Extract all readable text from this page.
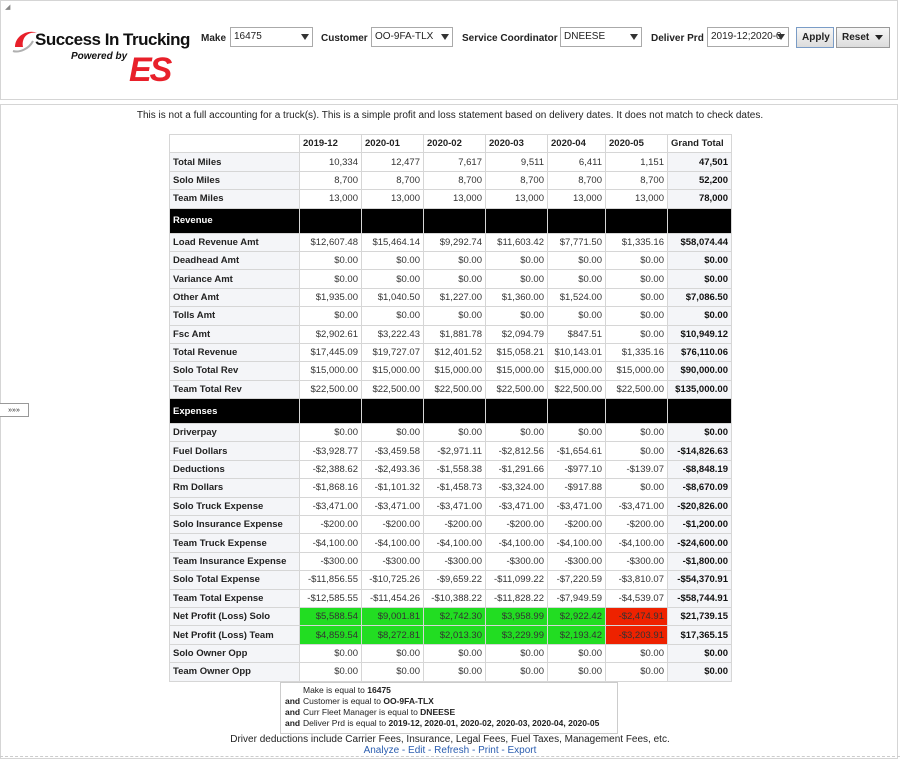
◢
Success In Trucking
Powered by ES
Make 16475	Customer OO-9FA-TLX	Service Coordinator DNEESE	Deliver Prd 2019-12;2020-0	Apply	Reset
This is not a full accounting for a truck(s). This is a simple profit and loss statement based on delivery dates. It does not match to check dates.
»»»
	2019-12	2020-01	2020-02	2020-03	2020-04	2020-05	Grand Total
Total Miles	10,334	12,477	7,617	9,511	6,411	1,151	47,501
Solo Miles	8,700	8,700	8,700	8,700	8,700	8,700	52,200
Team Miles	13,000	13,000	13,000	13,000	13,000	13,000	78,000
Revenue							
Load Revenue Amt	$12,607.48	$15,464.14	$9,292.74	$11,603.42	$7,771.50	$1,335.16	$58,074.44
Deadhead Amt	$0.00	$0.00	$0.00	$0.00	$0.00	$0.00	$0.00
Variance Amt	$0.00	$0.00	$0.00	$0.00	$0.00	$0.00	$0.00
Other Amt	$1,935.00	$1,040.50	$1,227.00	$1,360.00	$1,524.00	$0.00	$7,086.50
Tolls Amt	$0.00	$0.00	$0.00	$0.00	$0.00	$0.00	$0.00
Fsc Amt	$2,902.61	$3,222.43	$1,881.78	$2,094.79	$847.51	$0.00	$10,949.12
Total Revenue	$17,445.09	$19,727.07	$12,401.52	$15,058.21	$10,143.01	$1,335.16	$76,110.06
Solo Total Rev	$15,000.00	$15,000.00	$15,000.00	$15,000.00	$15,000.00	$15,000.00	$90,000.00
Team Total Rev	$22,500.00	$22,500.00	$22,500.00	$22,500.00	$22,500.00	$22,500.00	$135,000.00
Expenses							
Driverpay	$0.00	$0.00	$0.00	$0.00	$0.00	$0.00	$0.00
Fuel Dollars	-$3,928.77	-$3,459.58	-$2,971.11	-$2,812.56	-$1,654.61	$0.00	-$14,826.63
Deductions	-$2,388.62	-$2,493.36	-$1,558.38	-$1,291.66	-$977.10	-$139.07	-$8,848.19
Rm Dollars	-$1,868.16	-$1,101.32	-$1,458.73	-$3,324.00	-$917.88	$0.00	-$8,670.09
Solo Truck Expense	-$3,471.00	-$3,471.00	-$3,471.00	-$3,471.00	-$3,471.00	-$3,471.00	-$20,826.00
Solo Insurance Expense	-$200.00	-$200.00	-$200.00	-$200.00	-$200.00	-$200.00	-$1,200.00
Team Truck Expense	-$4,100.00	-$4,100.00	-$4,100.00	-$4,100.00	-$4,100.00	-$4,100.00	-$24,600.00
Team Insurance Expense	-$300.00	-$300.00	-$300.00	-$300.00	-$300.00	-$300.00	-$1,800.00
Solo Total Expense	-$11,856.55	-$10,725.26	-$9,659.22	-$11,099.22	-$7,220.59	-$3,810.07	-$54,370.91
Team Total Expense	-$12,585.55	-$11,454.26	-$10,388.22	-$11,828.22	-$7,949.59	-$4,539.07	-$58,744.91
Net Profit (Loss) Solo	$5,588.54	$9,001.81	$2,742.30	$3,958.99	$2,922.42	-$2,474.91	$21,739.15
Net Profit (Loss) Team	$4,859.54	$8,272.81	$2,013.30	$3,229.99	$2,193.42	-$3,203.91	$17,365.15
Solo Owner Opp	$0.00	$0.00	$0.00	$0.00	$0.00	$0.00	$0.00
Team Owner Opp	$0.00	$0.00	$0.00	$0.00	$0.00	$0.00	$0.00
Make is equal to 16475
and Customer is equal to OO-9FA-TLX
and Curr Fleet Manager is equal to DNEESE
and Deliver Prd is equal to 2019-12, 2020-01, 2020-02, 2020-03, 2020-04, 2020-05
Driver deductions include Carrier Fees, Insurance, Legal Fees, Fuel Taxes, Management Fees, etc.
Analyze - Edit - Refresh - Print - Export
